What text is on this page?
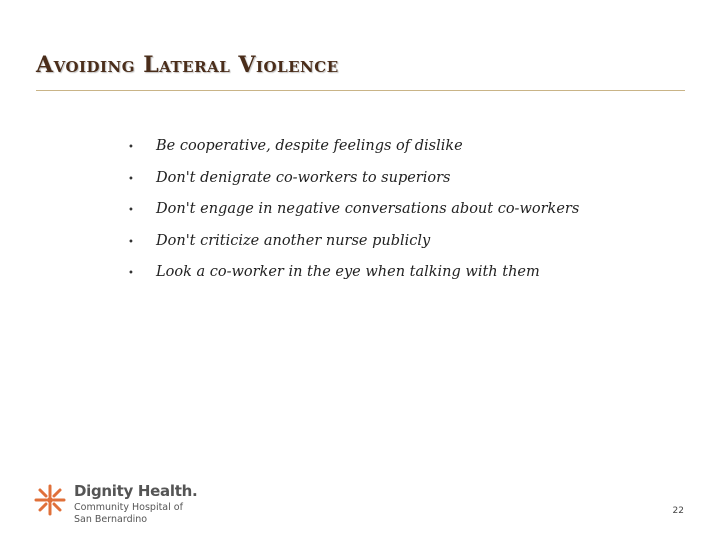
Avoiding Lateral Violence
•	Be cooperative, despite feelings of dislike
•	Don't denigrate co-workers to superiors
•	Don't engage in negative conversations about co-workers
•	Don't criticize another nurse publicly
•	Look a co-worker in the eye when talking with them
Dignity Health.
Community Hospital of
San Bernardino
22
